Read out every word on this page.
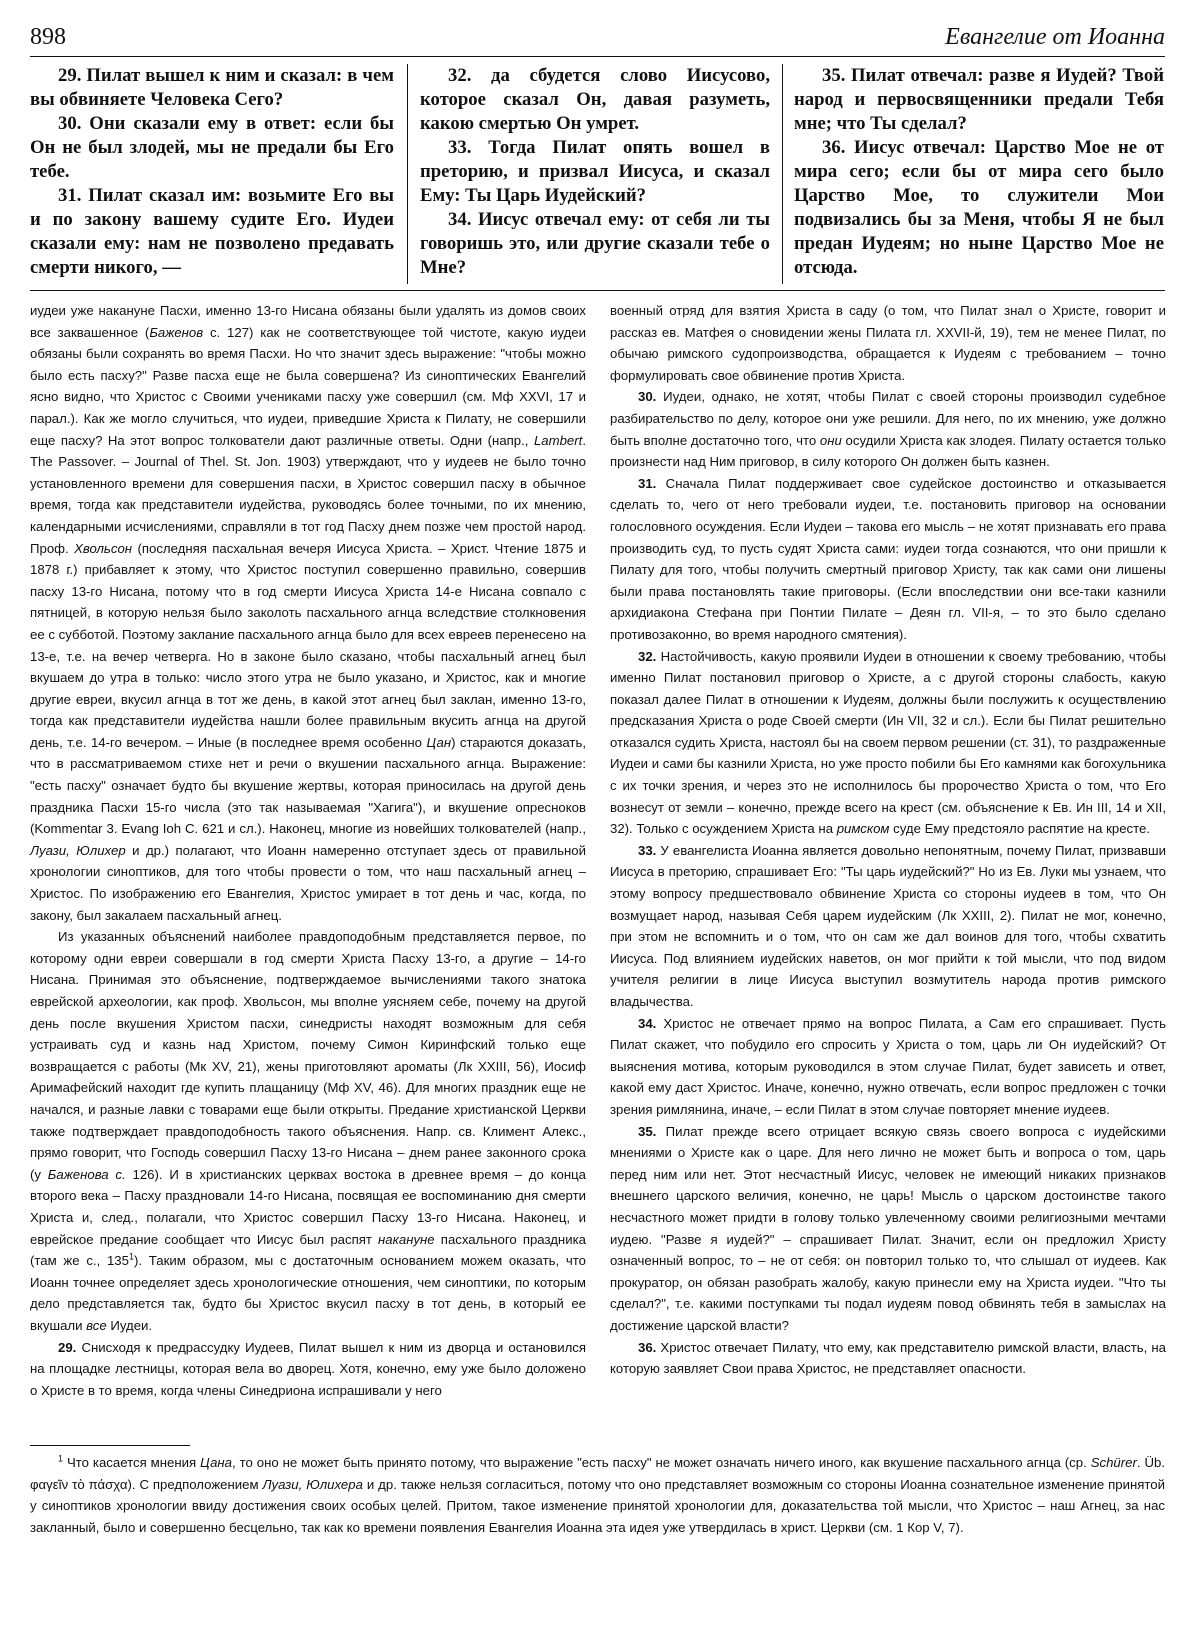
898	Евангелие от Иоанна

29. Пилат вышел к ним и сказал: в чем вы обвиняете Человека Сего?

30. Они сказали ему в ответ: если бы Он не был злодей, мы не предали бы Его тебе.

31. Пилат сказал им: возьмите Его вы и по закону вашему судите Его. Иудеи сказали ему: нам не позволено предавать смерти никого, —

32. да сбудется слово Иисусово, которое сказал Он, давая разуметь, какою смертью Он умрет.

33. Тогда Пилат опять вошел в преторию, и призвал Иисуса, и сказал Ему: Ты Царь Иудейский?

34. Иисус отвечал ему: от себя ли ты говоришь это, или другие сказали тебе о Мне?

35. Пилат отвечал: разве я Иудей? Твой народ и первосвященники предали Тебя мне; что Ты сделал?

36. Иисус отвечал: Царство Мое не от мира сего; если бы от мира сего было Царство Мое, то служители Мои подвизались бы за Меня, чтобы Я не был предан Иудеям; но ныне Царство Мое не отсюда.

иудеи уже накануне Пасхи, именно 13-го Нисана обязаны были удалять из домов своих все заквашенное (Баженов с. 127) как не соответствующее той чистоте, какую иудеи обязаны были сохранять во время Пасхи. Но что значит здесь выражение: "чтобы можно было есть пасху?" Разве пасха еще не была совершена? Из синоптических Евангелий ясно видно, что Христос с Своими учениками пасху уже совершил (см. Мф XXVI, 17 и парал.). Как же могло случиться, что иудеи, приведшие Христа к Пилату, не совершили еще пасху? На этот вопрос толкователи дают различные ответы. Одни (напр., Lambert. The Passover. – Journal of Thel. St. Jon. 1903) утверждают, что у иудеев не было точно установленного времени для совершения пасхи, в Христос совершил пасху в обычное время, тогда как представители иудейства, руководясь более точными, по их мнению, календарными исчислениями, справляли в тот год Пасху днем позже чем простой народ. Проф. Хвольсон (последняя пасхальная вечеря Иисуса Христа. – Христ. Чтение 1875 и 1878 г.) прибавляет к этому, что Христос поступил совершенно правильно, совершив пасху 13-го Нисана, потому что в год смерти Иисуса Христа 14-е Нисана совпало с пятницей, в которую нельзя было заколоть пасхального агнца вследствие столкновения ее с субботой. Поэтому заклание пасхального агнца было для всех евреев перенесено на 13-е, т.е. на вечер четверга. Но в законе было сказано, чтобы пасхальный агнец был вкушаем до утра в только: число этого утра не было указано, и Христос, как и многие другие евреи, вкусил агнца в тот же день, в какой этот агнец был заклан, именно 13-го, тогда как представители иудейства нашли более правильным вкусить агнца на другой день, т.е. 14-го вечером. – Иные (в последнее время особенно Цан) стараются доказать, что в рассматриваемом стихе нет и речи о вкушении пасхального агнца. Выражение: "есть пасху" означает будто бы вкушение жертвы, которая приносилась на другой день праздника Пасхи 15-го числа (это так называемая "Хагига"), и вкушение опресноков (Kommentar 3. Evang Ioh C. 621 и сл.). Наконец, многие из новейших толкователей (напр., Луази, Юлихер и др.) полагают, что Иоанн намеренно отступает здесь от правильной хронологии синоптиков, для того чтобы провести о том, что наш пасхальный агнец – Христос. По изображению его Евангелия, Христос умирает в тот день и час, когда, по закону, был закалаем пасхальный агнец.

Из указанных объяснений наиболее правдоподобным представляется первое, по которому одни евреи совершали в год смерти Христа Пасху 13-го, а другие – 14-го Нисана. Принимая это объяснение, подтверждаемое вычислениями такого знатока еврейской археологии, как проф. Хвольсон, мы вполне уясняем себе, почему на другой день после вкушения Христом пасхи, синедристы находят возможным для себя устраивать суд и казнь над Христом, почему Симон Киринфский только еще возвращается с работы (Мк XV, 21), жены приготовляют ароматы (Лк XXIII, 56), Иосиф Аримафейский находит где купить плащаницу (Мф XV, 46). Для многих праздник еще не начался, и разные лавки с товарами еще были открыты. Предание христианской Церкви также подтверждает правдоподобность такого объяснения. Напр. св. Климент Алекс., прямо говорит, что Господь совершил Пасху 13-го Нисана – днем ранее законного срока (у Баженова с. 126). И в христианских церквах востока в древнее время – до конца второго века – Пасху праздновали 14-го Нисана, посвящая ее воспоминанию дня смерти Христа и, след., полагали, что Христос совершил Пасху 13-го Нисана. Наконец, и еврейское предание сообщает что Иисус был распят накануне пасхального праздника (там же с., $135^1$). Таким образом, мы с достаточным основанием можем оказать, что Иоанн точнее определяет здесь хронологические отношения, чем синоптики, по которым дело представляется так, будто бы Христос вкусил пасху в тот день, в который ее вкушали все Иудеи.

29. Снисходя к предрассудку Иудеев, Пилат вышел к ним из дворца и остановился на площадке лестницы, которая вела во дворец. Хотя, конечно, ему уже было доложено о Христе в то время, когда члены Синедриона испрашивали у него

военный отряд для взятия Христа в саду (о том, что Пилат знал о Христе, говорит и рассказ ев. Матфея о сновидении жены Пилата гл. XXVII-й, 19), тем не менее Пилат, по обычаю римского судопроизводства, обращается к Иудеям с требованием – точно формулировать свое обвинение против Христа.

30. Иудеи, однако, не хотят, чтобы Пилат с своей стороны производил судебное разбирательство по делу, которое они уже решили. Для него, по их мнению, уже должно быть вполне достаточно того, что они осудили Христа как злодея. Пилату остается только произнести над Ним приговор, в силу которого Он должен быть казнен.

31. Сначала Пилат поддерживает свое судейское достоинство и отказывается сделать то, чего от него требовали иудеи, т.е. постановить приговор на основании голословного осуждения. Если Иудеи – такова его мысль – не хотят признавать его права производить суд, то пусть судят Христа сами: иудеи тогда сознаются, что они пришли к Пилату для того, чтобы получить смертный приговор Христу, так как сами они лишены были права постановлять такие приговоры. (Если впоследствии они все-таки казнили архидиакона Стефана при Понтии Пилате – Деян гл. VII-я, – то это было сделано противозаконно, во время народного смятения).

32. Настойчивость, какую проявили Иудеи в отношении к своему требованию, чтобы именно Пилат постановил приговор о Христе, а с другой стороны слабость, какую показал далее Пилат в отношении к Иудеям, должны были послужить к осуществлению предсказания Христа о роде Своей смерти (Ин VII, 32 и сл.). Если бы Пилат решительно отказался судить Христа, настоял бы на своем первом решении (ст. 31), то раздраженные Иудеи и сами бы казнили Христа, но уже просто побили бы Его камнями как богохульника с их точки зрения, и через это не исполнилось бы пророчество Христа о том, что Его вознесут от земли – конечно, прежде всего на крест (см. объяснение к Ев. Ин III, 14 и XII, 32). Только с осуждением Христа на римском суде Ему предстояло распятие на кресте.

33. У евангелиста Иоанна является довольно непонятным, почему Пилат, призвавши Иисуса в преторию, спрашивает Его: "Ты царь иудейский?" Но из Ев. Луки мы узнаем, что этому вопросу предшествовало обвинение Христа со стороны иудеев в том, что Он возмущает народ, называя Себя царем иудейским (Лк XXIII, 2). Пилат не мог, конечно, при этом не вспомнить и о том, что он сам же дал воинов для того, чтобы схватить Иисуса. Под влиянием иудейских наветов, он мог прийти к той мысли, что под видом учителя религии в лице Иисуса выступил возмутитель народа против римского владычества.

34. Христос не отвечает прямо на вопрос Пилата, а Сам его спрашивает. Пусть Пилат скажет, что побудило его спросить у Христа о том, царь ли Он иудейский? От выяснения мотива, которым руководился в этом случае Пилат, будет зависеть и ответ, какой ему даст Христос. Иначе, конечно, нужно отвечать, если вопрос предложен с точки зрения римлянина, иначе, – если Пилат в этом случае повторяет мнение иудеев.

35. Пилат прежде всего отрицает всякую связь своего вопроса с иудейскими мнениями о Христе как о царе. Для него лично не может быть и вопроса о том, царь перед ним или нет. Этот несчастный Иисус, человек не имеющий никаких признаков внешнего царского величия, конечно, не царь! Мысль о царском достоинстве такого несчастного может придти в голову только увлеченному своими религиозными мечтами иудею. "Разве я иудей?" – спрашивает Пилат. Значит, если он предложил Христу означенный вопрос, то – не от себя: он повторил только то, что слышал от иудеев. Как прокуратор, он обязан разобрать жалобу, какую принесли ему на Христа иудеи. "Что ты сделал?", т.е. какими поступками ты подал иудеям повод обвинять тебя в замыслах на достижение царской власти?

36. Христос отвечает Пилату, что ему, как представителю римской власти, власть, на которую заявляет Свои права Христос, не представляет опасности.

$^1$ Что касается мнения Цана, то оно не может быть принято потому, что выражение "есть пасху" не может означать ничего иного, как вкушение пасхального агнца (ср. Schürer. Üb. φαγεῖν τὸ πάσχα). С предположением Луази, Юлихера и др. также нельзя согласиться, потому что оно представляет возможным со стороны Иоанна сознательное изменение принятой у синоптиков хронологии ввиду достижения своих особых целей. Притом, такое изменение принятой хронологии для, доказательства той мысли, что Христос – наш Агнец, за нас закланный, было и совершенно бесцельно, так как ко времени появления Евангелия Иоанна эта идея уже утвердилась в христ. Церкви (см. 1 Кор V, 7).
